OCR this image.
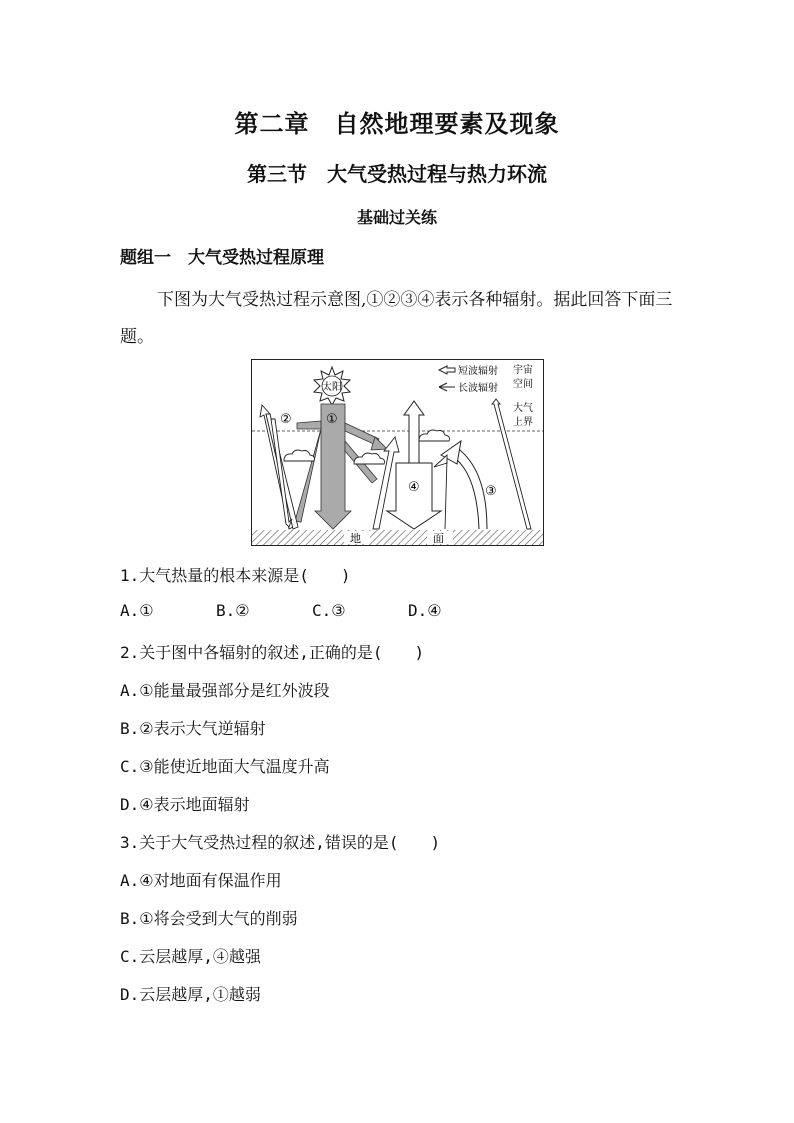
第二章　自然地理要素及现象
第三节　大气受热过程与热力环流
基础过关练
题组一　大气受热过程原理
下图为大气受热过程示意图,①②③④表示各种辐射。据此回答下面三题。
地	面
短波辐射
长波辐射
宇宙
空间
大气
上界
太阳
①
②
④	③
1.大气热量的根本来源是(　　)
A.①	B.②	C.③	D.④
2.关于图中各辐射的叙述,正确的是(　　)
A.①能量最强部分是红外波段
B.②表示大气逆辐射
C.③能使近地面大气温度升高
D.④表示地面辐射
3.关于大气受热过程的叙述,错误的是(　　)
A.④对地面有保温作用
B.①将会受到大气的削弱
C.云层越厚,④越强
D.云层越厚,①越弱
